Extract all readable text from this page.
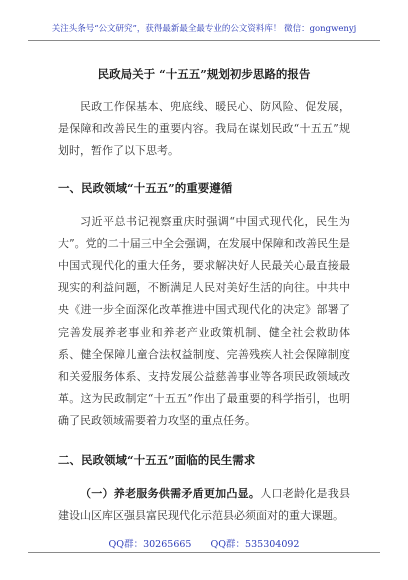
关注头条号“公文研究”，获得最新最全最专业的公文资料库！ 微信：gongwenyj
民政局关于 “十五五”规划初步思路的报告

民政工作保基本、兜底线、暖民心、防风险、促发展，是保障和改善民生的重要内容。我局在谋划民政“十五五”规划时，暂作了以下思考。

一、民政领域“十五五”的重要遵循

习近平总书记视察重庆时强调“中国式现代化，民生为大”。党的二十届三中全会强调，在发展中保障和改善民生是中国式现代化的重大任务，要求解决好人民最关心最直接最现实的利益问题，不断满足人民对美好生活的向往。中共中央《进一步全面深化改革推进中国式现代化的决定》部署了完善发展养老事业和养老产业政策机制、健全社会救助体系、健全保障儿童合法权益制度、完善残疾人社会保障制度和关爱服务体系、支持发展公益慈善事业等各项民政领域改革。这为民政制定“十五五”作出了最重要的科学指引，也明确了民政领域需要着力攻坚的重点任务。

二、民政领域“十五五”面临的民生需求

（一）养老服务供需矛盾更加凸显。人口老龄化是我县建设山区库区强县富民现代化示范县必须面对的重大课题。

QQ群：30265665 QQ群：535304092
